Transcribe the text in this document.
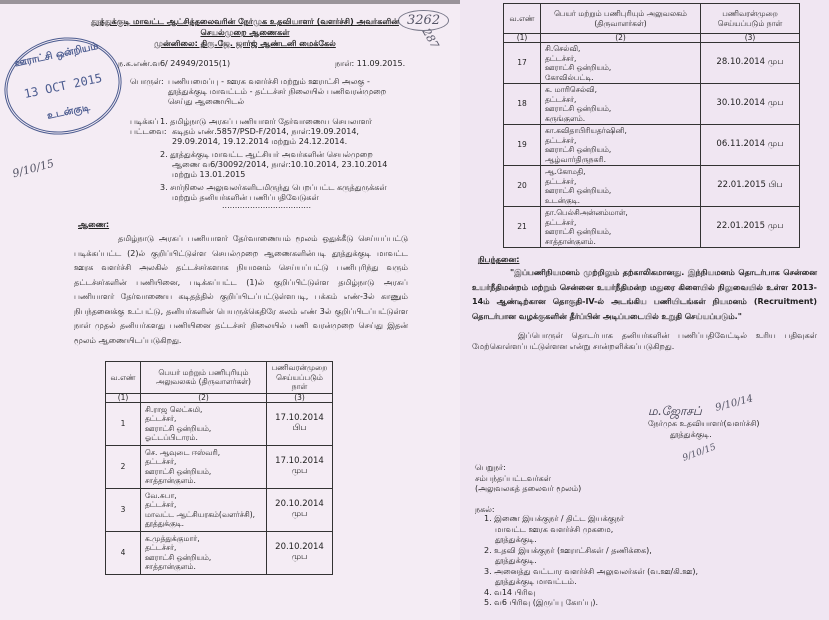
3262
287
9/10/15
ஊராட்சி ஒன்றியம்
13 OCT 2015
உடன்குடி
தூத்துக்குடி மாவட்ட ஆட்சித்தலைவரின் நேர்முக உதவியாளர் (வளர்ச்சி) அவர்களின்
செயல்முறை ஆணைகள்
முன்னிலை: திரு.ஜே. ஜார்ஜ் ஆண்டனி மைக்கேல்
ந.க.எண்.வ6/ 24949/2015(1)	நாள்: 11.09.2015.
பொருள்: பணியமைப்பு - ஊரக வளர்ச்சி மற்றும் ஊராட்சி அலகு -
தூத்துக்குடி மாவட்டம் - தட்டச்சர் நிலையில் பணிவரன்முறை
செய்து ஆணையிடல்
படிக்கப்
பட்டவை:
1. தமிழ்நாடு அரசுப் பணியாளர் தேர்வாணைய செயலாளர்
கடிதம் எண்.5857/PSD-F/2014, நாள்:19.09.2014,
29.09.2014, 19.12.2014 மற்றும் 24.12.2014.
2. தூத்துக்குடி மாவட்ட ஆட்சியர் அவர்களின் செயல்முறை
ஆணை வ6/30092/2014, நாள்:10.10.2014, 23.10.2014
மற்றும் 13.01.2015
3. சார்நிலை அலுவலர்களிடமிருந்து பெறப்பட்ட கருத்துருக்கள்
மற்றும் தனியர்களின் பணிப்பதிவேடுகள்
...................................
ஆணை:
தமிழ்நாடு அரசுப் பணியாளர் தேர்வாணையம் மூலம் ஒதுக்கீடு செய்யப்பட்டு படிக்கப்பட்ட (2)ல் குறிப்பிட்டுள்ள செயல்முறை ஆணைகளின்படி தூத்துக்குடி மாவட்ட ஊரக வளர்ச்சி அலகில் தட்டச்சர்களாக நியமனம் செய்யப்பட்டு பணிபுரிந்து வரும் தட்டச்சர்களின் பணியினை, படிக்கப்பட்ட (1)ல் குறிப்பிட்டுள்ள தமிழ்நாடு அரசுப் பணியாளர் தேர்வாணைய கடிதத்தில் குறிப்பிடப்பட்டுள்ளபடி, பக்கம் எண்-3ல் காணும் நிபந்தனைக்கு உட்பட்டு, தனியர்களின் பெயருக்கெதிரே கலம் எண் 3ல் குறிப்பிடப்பட்டுள்ள நாள் முதல் தனியர்களது பணியினை தட்டச்சர் நிலையில் பணி வரன்முறை செய்து இதன் மூலம் ஆணையிடப்படுகிறது.
வ.எண்	பெயர் மற்றும் பணிபுரியும் அலுவலகம் (திருவாளர்கள்)	பணிவரன்முறை செய்யப்படும் நாள்
(1)	(2)	(3)
1	சி.ராஜ லெட்சுமி,
தட்டச்சர்,
ஊராட்சி ஒன்றியம்,
ஓட்டப்பிடாரம்.	17.10.2014 பிப
2	செ. ஆவுடை ஈஸ்வரி,
தட்டச்சர்,
ஊராட்சி ஒன்றியம்,
சாத்தான்குளம்.	17.10.2014 முப
3	வே.சுபா,
தட்டச்சர்,
மாவட்ட ஆட்சியரகம்(வளர்ச்சி),
தூத்துக்குடி.	20.10.2014 முப
4	க.முத்துக்குமார்,
தட்டச்சர்,
ஊராட்சி ஒன்றியம்,
சாத்தான்குளம்.	20.10.2014 முப
வ.எண்	பெயர் மற்றும் பணிபுரியும் அலுவலகம் (திருவாளர்கள்)	பணிவரன்முறை செய்யப்படும் நாள்
(1)	(2)	(3)
17	சி.செல்வி,
தட்டச்சர்,
ஊராட்சி ஒன்றியம்,
கோவில்பட்டி.	28.10.2014 முப
18	க. மாரிசெல்வி,
தட்டச்சர்,
ஊராட்சி ஒன்றியம்,
கருங்குளம்.	30.10.2014 முப
19	கா.கவிதாபிரியதர்ஷினி,
தட்டச்சர்,
ஊராட்சி ஒன்றியம்,
ஆழ்வார்திருநகரி.	06.11.2014 முப
20	ஆ.கோமதி,
தட்டச்சர்,
ஊராட்சி ஒன்றியம்,
உடன்குடி.	22.01.2015 பிப
21	தா.பெல்சிஅன்னம்மாள்,
தட்டச்சர்,
ஊராட்சி ஒன்றியம்,
சாத்தான்குளம்.	22.01.2015 முப
நிபந்தனை:
"இப்பணிநியமனம் முற்றிலும் தற்காலிகமானது. இந்நியமனம் தொடர்பாக சென்னை உயர்நீதிமன்றம் மற்றும் சென்னை உயர்நீதிமன்ற மதுரை கிளையில் நிலுவையில் உள்ள 2013-14ம் ஆண்டிற்கான தொகுதி-IV-ல் அடங்கிய பணியிடங்கள் நியமனம் (Recruitment) தொடர்பான வழக்குகளின் தீர்ப்பின் அடிப்படையில் உறுதி செய்யப்படும்."
இப்பொருள் தொடர்பாக தனியர்களின் பணிப்பதிவேட்டில் உரிய பதிவுகள் மேற்கொள்ளப்பட்டுள்ளன என்று சான்றளிக்கப்படுகிறது.
ம.ஜோசப் 9/10/14
நேர்முக உதவியாளர்(வளர்ச்சி)
தூத்துக்குடி.
9/10/15
பெறுநர்:
சம்பந்தப்பட்டவர்கள்
(அலுவலகத் தலைவர் மூலம்)
நகல்:
1. இணை இயக்குநர் / திட்ட இயக்குநர்
மாவட்ட ஊரக வளர்ச்சி முகமை,
தூத்துக்குடி.
2. உதவி இயக்குநர் (ஊராட்சிகள் / தணிக்கை),
தூத்துக்குடி.
3. அனைத்து வட்டார வளர்ச்சி அலுவலர்கள் (வ.ஊ/கி.ஊ),
தூத்துக்குடி மாவட்டம்.
4. வ14 பிரிவு
5. வ6 பிரிவு (இருப்பு கோப்பு).
